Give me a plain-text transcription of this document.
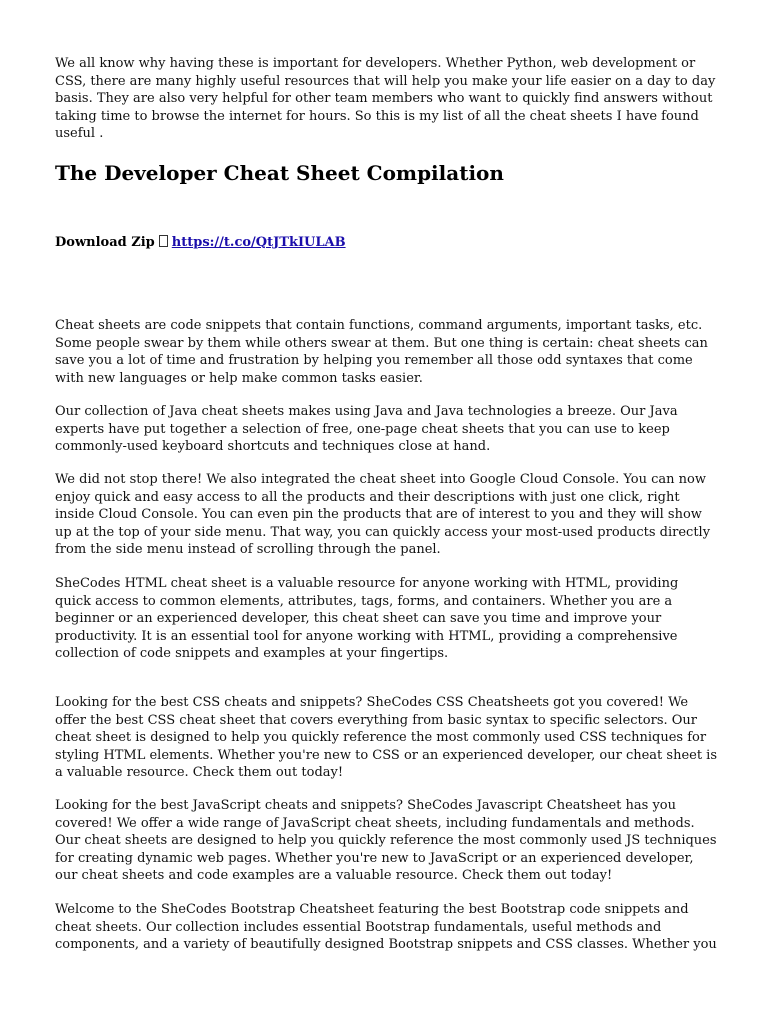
We all know why having these is important for developers. Whether Python, web development or CSS, there are many highly useful resources that will help you make your life easier on a day to day basis. They are also very helpful for other team members who want to quickly find answers without taking time to browse the internet for hours. So this is my list of all the cheat sheets I have found useful .

The Developer Cheat Sheet Compilation

Download Zip https://t.co/QtJTkIULAB

Cheat sheets are code snippets that contain functions, command arguments, important tasks, etc. Some people swear by them while others swear at them. But one thing is certain: cheat sheets can save you a lot of time and frustration by helping you remember all those odd syntaxes that come with new languages or help make common tasks easier.

Our collection of Java cheat sheets makes using Java and Java technologies a breeze. Our Java experts have put together a selection of free, one-page cheat sheets that you can use to keep commonly-used keyboard shortcuts and techniques close at hand.

We did not stop there! We also integrated the cheat sheet into Google Cloud Console. You can now enjoy quick and easy access to all the products and their descriptions with just one click, right inside Cloud Console. You can even pin the products that are of interest to you and they will show up at the top of your side menu. That way, you can quickly access your most-used products directly from the side menu instead of scrolling through the panel.

SheCodes HTML cheat sheet is a valuable resource for anyone working with HTML, providing quick access to common elements, attributes, tags, forms, and containers. Whether you are a beginner or an experienced developer, this cheat sheet can save you time and improve your productivity. It is an essential tool for anyone working with HTML, providing a comprehensive collection of code snippets and examples at your fingertips.

Looking for the best CSS cheats and snippets? SheCodes CSS Cheatsheets got you covered! We offer the best CSS cheat sheet that covers everything from basic syntax to specific selectors. Our cheat sheet is designed to help you quickly reference the most commonly used CSS techniques for styling HTML elements. Whether you're new to CSS or an experienced developer, our cheat sheet is a valuable resource. Check them out today!

Looking for the best JavaScript cheats and snippets? SheCodes Javascript Cheatsheet has you covered! We offer a wide range of JavaScript cheat sheets, including fundamentals and methods. Our cheat sheets are designed to help you quickly reference the most commonly used JS techniques for creating dynamic web pages. Whether you're new to JavaScript or an experienced developer, our cheat sheets and code examples are a valuable resource. Check them out today!

Welcome to the SheCodes Bootstrap Cheatsheet featuring the best Bootstrap code snippets and cheat sheets. Our collection includes essential Bootstrap fundamentals, useful methods and components, and a variety of beautifully designed Bootstrap snippets and CSS classes. Whether you
